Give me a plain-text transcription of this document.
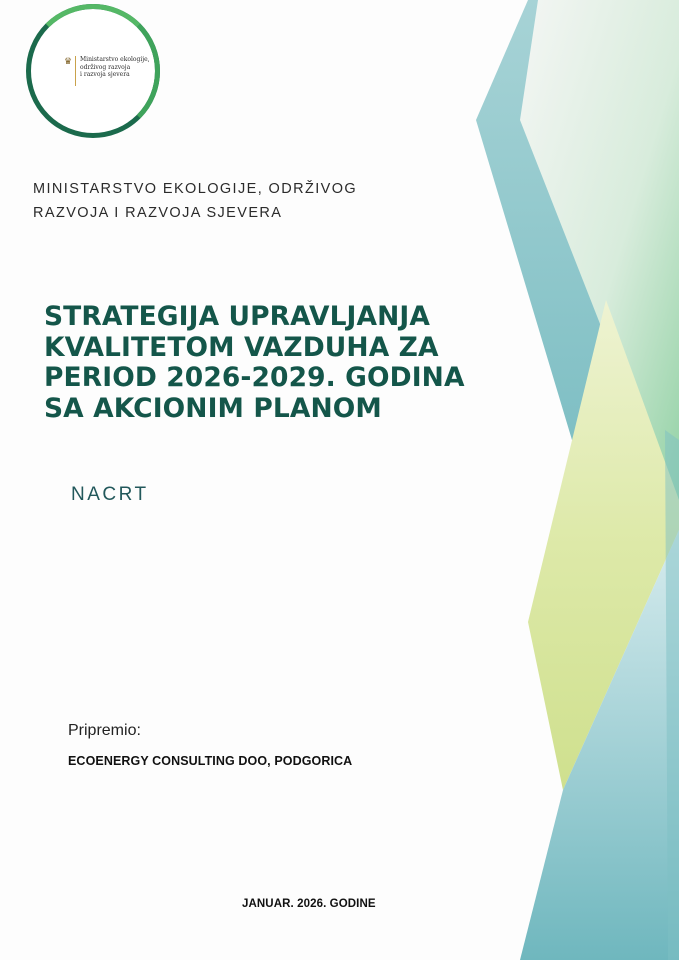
♛ Ministarstvo ekologije,
održivog razvoja
i razvoja sjevera
MINISTARSTVO EKOLOGIJE, ODRŽIVOG
RAZVOJA I RAZVOJA SJEVERA
STRATEGIJA UPRAVLJANJA
KVALITETOM VAZDUHA ZA
PERIOD 2026-2029. GODINA
SA AKCIONIM PLANOM
NACRT
Pripremio:
ECOENERGY CONSULTING DOO, PODGORICA
JANUAR. 2026. GODINE
